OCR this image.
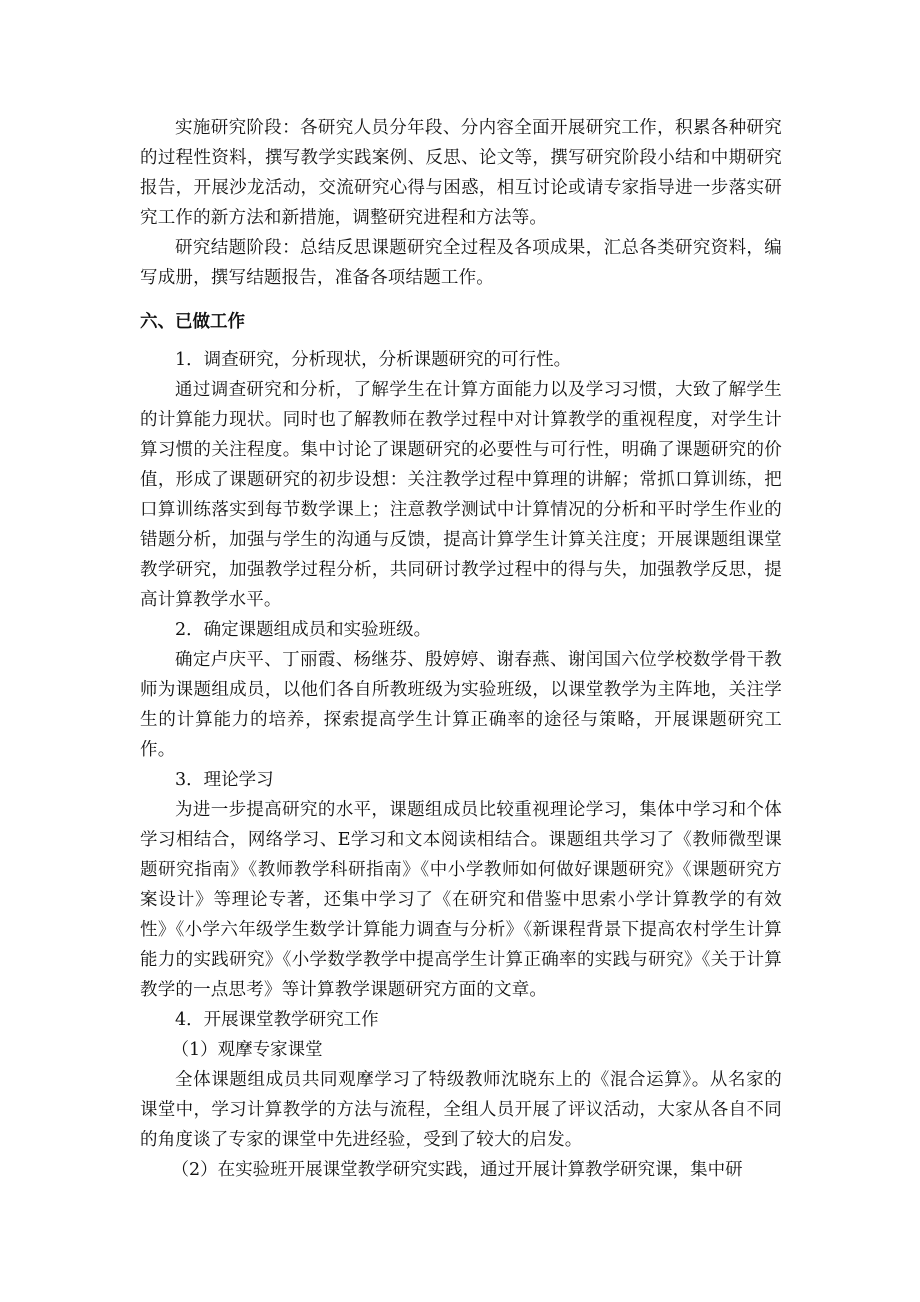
实施研究阶段：各研究人员分年段、分内容全面开展研究工作，积累各种研究的过程性资料，撰写教学实践案例、反思、论文等，撰写研究阶段小结和中期研究报告，开展沙龙活动，交流研究心得与困惑，相互讨论或请专家指导进一步落实研究工作的新方法和新措施，调整研究进程和方法等。

研究结题阶段：总结反思课题研究全过程及各项成果，汇总各类研究资料，编写成册，撰写结题报告，准备各项结题工作。

六、已做工作

1．调查研究，分析现状，分析课题研究的可行性。

通过调查研究和分析，了解学生在计算方面能力以及学习习惯，大致了解学生的计算能力现状。同时也了解教师在教学过程中对计算教学的重视程度，对学生计算习惯的关注程度。集中讨论了课题研究的必要性与可行性，明确了课题研究的价值，形成了课题研究的初步设想：关注教学过程中算理的讲解；常抓口算训练，把口算训练落实到每节数学课上；注意教学测试中计算情况的分析和平时学生作业的错题分析，加强与学生的沟通与反馈，提高计算学生计算关注度；开展课题组课堂教学研究，加强教学过程分析，共同研讨教学过程中的得与失，加强教学反思，提高计算教学水平。

2．确定课题组成员和实验班级。

确定卢庆平、丁丽霞、杨继芬、殷婷婷、谢春燕、谢闰国六位学校数学骨干教师为课题组成员，以他们各自所教班级为实验班级，以课堂教学为主阵地，关注学生的计算能力的培养，探索提高学生计算正确率的途径与策略，开展课题研究工作。

3．理论学习

为进一步提高研究的水平，课题组成员比较重视理论学习，集体中学习和个体学习相结合，网络学习、E学习和文本阅读相结合。课题组共学习了《教师微型课题研究指南》《教师教学科研指南》《中小学教师如何做好课题研究》《课题研究方案设计》等理论专著，还集中学习了《在研究和借鉴中思索小学计算教学的有效性》《小学六年级学生数学计算能力调查与分析》《新课程背景下提高农村学生计算能力的实践研究》《小学数学教学中提高学生计算正确率的实践与研究》《关于计算教学的一点思考》等计算教学课题研究方面的文章。

4．开展课堂教学研究工作

（1）观摩专家课堂

全体课题组成员共同观摩学习了特级教师沈晓东上的《混合运算》。从名家的课堂中，学习计算教学的方法与流程，全组人员开展了评议活动，大家从各自不同的角度谈了专家的课堂中先进经验，受到了较大的启发。

（2）在实验班开展课堂教学研究实践，通过开展计算教学研究课，集中研
